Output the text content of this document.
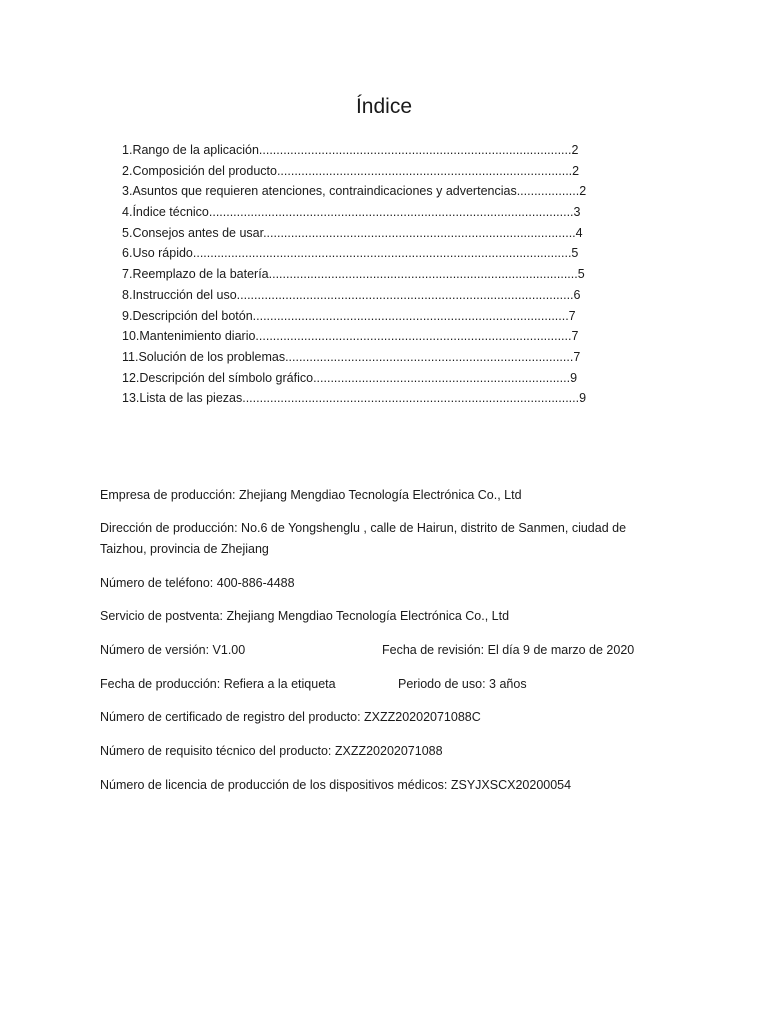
Índice
1.Rango de la aplicación..........................................................................................2
2.Composición del producto.....................................................................................2
3.Asuntos que requieren atenciones, contraindicaciones y advertencias..................2
4.Índice técnico.........................................................................................................3
5.Consejos antes de usar..........................................................................................4
6.Uso rápido.............................................................................................................5
7.Reemplazo de la batería.........................................................................................5
8.Instrucción del uso.................................................................................................6
9.Descripción del botón...........................................................................................7
10.Mantenimiento diario...........................................................................................7
11.Solución de los problemas...................................................................................7
12.Descripción del símbolo gráfico..........................................................................9
13.Lista de las piezas.................................................................................................9

Empresa de producción: Zhejiang Mengdiao Tecnología Electrónica Co., Ltd

Dirección de producción: No.6 de Yongshenglu , calle de Hairun, distrito de Sanmen, ciudad de Taizhou, provincia de Zhejiang

Número de teléfono: 400-886-4488

Servicio de postventa: Zhejiang Mengdiao Tecnología Electrónica Co., Ltd

Número de versión: V1.00	Fecha de revisión: El día 9 de marzo de 2020
Fecha de producción: Refiera a la etiqueta	Periodo de uso: 3 años

Número de certificado de registro del producto: ZXZZ20202071088C

Número de requisito técnico del producto: ZXZZ20202071088

Número de licencia de producción de los dispositivos médicos: ZSYJXSCX20200054
